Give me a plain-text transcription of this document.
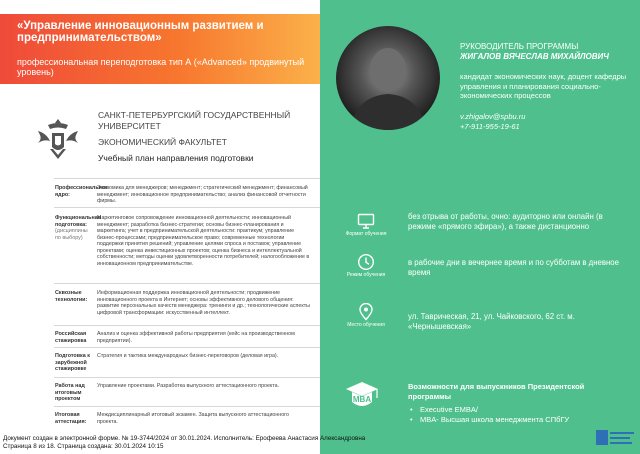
«Управление инновационным развитием и предпринимательством»
профессиональная переподготовка тип А («Advanced» продвинутый уровень)
САНКТ-ПЕТЕРБУРГСКИЙ ГОСУДАРСТВЕННЫЙ УНИВЕРСИТЕТ
ЭКОНОМИЧЕСКИЙ ФАКУЛЬТЕТ
Учебный план направления подготовки
Профессиональное ядро:
Экономика для менеджеров; менеджмент; стратегический менеджмент; финансовый менеджмент; инновационное предпринимательство; анализ финансовой отчетности фирмы.
Функциональная подготовка:
(дисциплины по выбору)
Маркетинговое сопровождение инновационной деятельности; инновационный менеджмент; разработка бизнес-стратегии; основы бизнес-планирования и маркетинга; учет в предпринимательской деятельности: практикум; управление бизнес-процессами; предпринимательское право; современные технологии поддержки принятия решений; управление целями спроса и поставок; управление проектами; оценка инвестиционных проектов; оценка бизнеса и интеллектуальной собственности; методы оценки удовлетворенности потребителей; налогообложение в инновационном предпринимательстве.
Сквозные технологии:
Информационная поддержка инновационной деятельности; продвижение инновационного проекта в Интернет; основы эффективного делового общения: развитие персональных качеств менеджера: тренинги и др.; технологические аспекты цифровой трансформации: искусственный интеллект.
Российская стажировка
Анализ и оценка эффективной работы предприятия (кейс на производственном предприятии).
Подготовка к зарубежной стажировке
Стратегия и тактика международных бизнес-переговоров (деловая игра).
Работа над итоговым проектом
Управление проектами. Разработка выпускного аттестационного проекта.
Итоговая аттестация:
Междисциплинарный итоговый экзамен. Защита выпускного аттестационного проекта.
РУКОВОДИТЕЛЬ ПРОГРАММЫ
ЖИГАЛОВ ВЯЧЕСЛАВ МИХАЙЛОВИЧ
кандидат экономических наук, доцент кафедры управления и планирования социально-экономических процессов
v.zhigalov@spbu.ru
+7-911-955-19-61
Формат обучения
без отрыва от работы, очно: аудиторно или онлайн (в режиме «прямого эфира»), а также дистанционно
Режим обучения
в рабочие дни в вечернее время и по субботам в дневное время
Место обучения
ул. Таврическая, 21, ул. Чайковского, 62 ст. м. «Чернышевская»
MBA
Возможности для выпускников Президентской программы
• Executive EMBA/
• MBA- Высшая школа менеджмента СПбГУ
Документ создан в электронной форме. № 19-3744/2024 от 30.01.2024. Исполнитель: Ерофеева Анастасия Александровна
Страница 8 из 18. Страница создана: 30.01.2024 10:15
